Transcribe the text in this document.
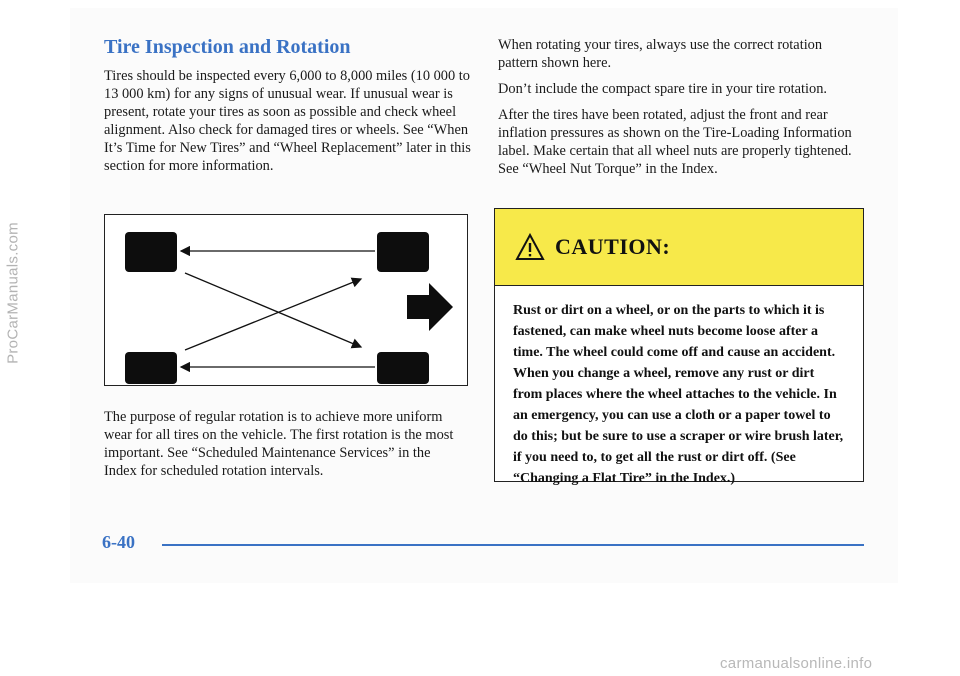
ProCarManuals.com
Tire Inspection and Rotation

Tires should be inspected every 6,000 to 8,000 miles (10 000 to 13 000 km) for any signs of unusual wear. If unusual wear is present, rotate your tires as soon as possible and check wheel alignment. Also check for damaged tires or wheels. See “When It’s Time for New Tires” and “Wheel Replacement” later in this section for more information.

The purpose of regular rotation is to achieve more uniform wear for all tires on the vehicle. The first rotation is the most important. See “Scheduled Maintenance Services” in the Index for scheduled rotation intervals.

When rotating your tires, always use the correct rotation pattern shown here.

Don’t include the compact spare tire in your tire rotation.

After the tires have been rotated, adjust the front and rear inflation pressures as shown on the Tire-Loading Information label. Make certain that all wheel nuts are properly tightened. See “Wheel Nut Torque” in the Index.

CAUTION:
Rust or dirt on a wheel, or on the parts to which it is fastened, can make wheel nuts become loose after a time. The wheel could come off and cause an accident. When you change a wheel, remove any rust or dirt from places where the wheel attaches to the vehicle. In an emergency, you can use a cloth or a paper towel to do this; but be sure to use a scraper or wire brush later, if you need to, to get all the rust or dirt off. (See “Changing a Flat Tire” in the Index.)
6-40
carmanualsonline.info
